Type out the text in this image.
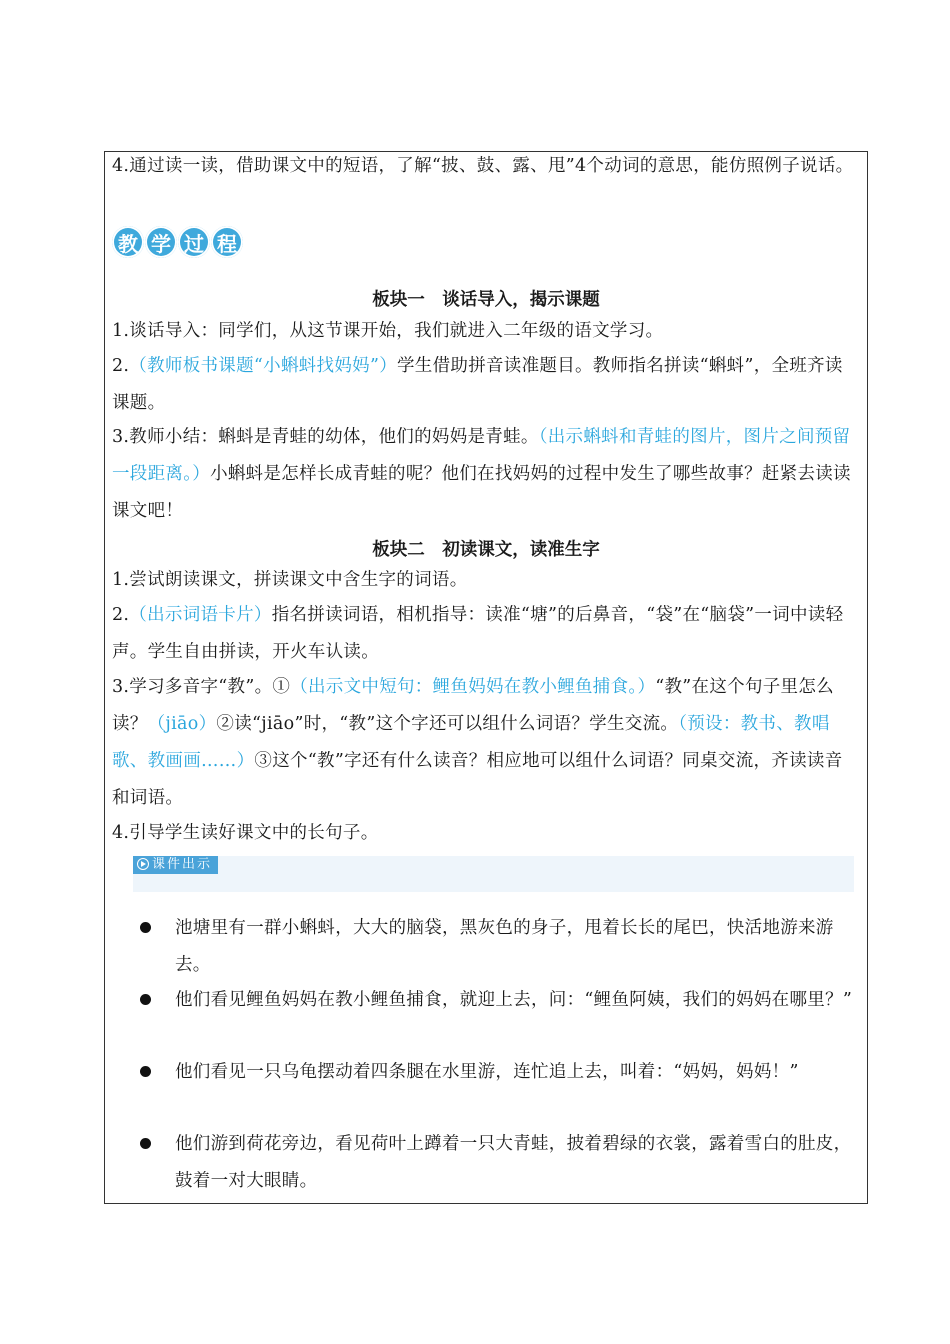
4.通过读一读，借助课文中的短语，了解“披、鼓、露、甩”4个动词的意思，能仿照例子说话。

教 学 过 程

板块一　谈话导入，揭示课题

1.谈话导入：同学们，从这节课开始，我们就进入二年级的语文学习。

2.（教师板书课题“小蝌蚪找妈妈”）学生借助拼音读准题目。教师指名拼读“蝌蚪”，全班齐读课题。

3.教师小结：蝌蚪是青蛙的幼体，他们的妈妈是青蛙。（出示蝌蚪和青蛙的图片，图片之间预留一段距离。）小蝌蚪是怎样长成青蛙的呢？他们在找妈妈的过程中发生了哪些故事？赶紧去读读课文吧！

板块二　初读课文，读准生字

1.尝试朗读课文，拼读课文中含生字的词语。

2.（出示词语卡片）指名拼读词语，相机指导：读准“塘”的后鼻音，“袋”在“脑袋”一词中读轻声。学生自由拼读，开火车认读。

3.学习多音字“教”。①（出示文中短句：鲤鱼妈妈在教小鲤鱼捕食。）“教”在这个句子里怎么读？（jiāo）②读“jiāo”时，“教”这个字还可以组什么词语？学生交流。（预设：教书、教唱歌、教画画……）③这个“教”字还有什么读音？相应地可以组什么词语？同桌交流，齐读读音和词语。

4.引导学生读好课文中的长句子。

课件出示

池塘里有一群小蝌蚪，大大的脑袋，黑灰色的身子，甩着长长的尾巴，快活地游来游去。

他们看见鲤鱼妈妈在教小鲤鱼捕食，就迎上去，问：“鲤鱼阿姨，我们的妈妈在哪里？”

他们看见一只乌龟摆动着四条腿在水里游，连忙追上去，叫着：“妈妈，妈妈！”

他们游到荷花旁边，看见荷叶上蹲着一只大青蛙，披着碧绿的衣裳，露着雪白的肚皮，鼓着一对大眼睛。
